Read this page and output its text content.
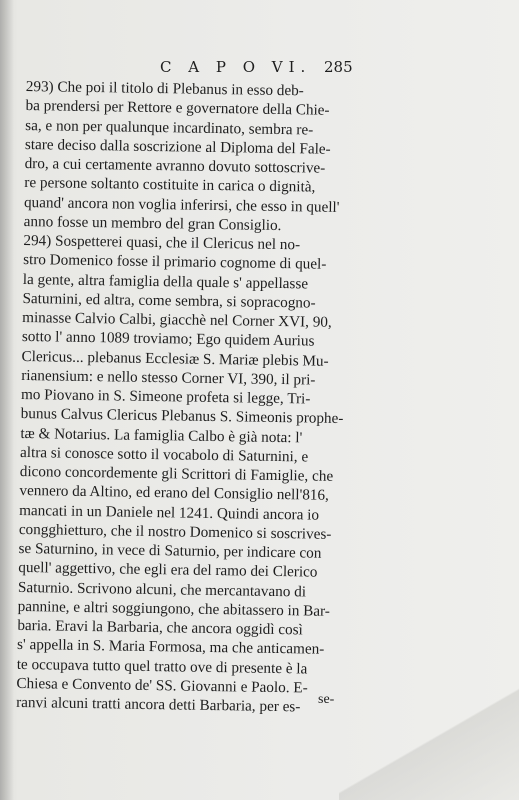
C A P O VI. 285
293) Che poi il titolo di Plebanus in esso deb-
ba prendersi per Rettore e governatore della Chie-
sa, e non per qualunque incardinato, sembra re-
stare deciso dalla soscrizione al Diploma del Fale-
dro, a cui certamente avranno dovuto sottoscrive-
re persone soltanto costituite in carica o dignità,
quand' ancora non voglia inferirsi, che esso in quell'
anno fosse un membro del gran Consiglio.
294) Sospetterei quasi, che il Clericus nel no-
stro Domenico fosse il primario cognome di quel-
la gente, altra famiglia della quale s' appellasse
Saturnini, ed altra, come sembra, si sopracogno-
minasse Calvio Calbi, giacchè nel Corner XVI, 90,
sotto l' anno 1089 troviamo; Ego quidem Aurius
Clericus... plebanus Ecclesiæ S. Mariæ plebis Mu-
rianensium: e nello stesso Corner VI, 390, il pri-
mo Piovano in S. Simeone profeta si legge, Tri-
bunus Calvus Clericus Plebanus S. Simeonis prophe-
tæ & Notarius. La famiglia Calbo è già nota: l'
altra si conosce sotto il vocabolo di Saturnini, e
dicono concordemente gli Scrittori di Famiglie, che
vennero da Altino, ed erano del Consiglio nell'816,
mancati in un Daniele nel 1241. Quindi ancora io
congghietturo, che il nostro Domenico si soscrives-
se Saturnino, in vece di Saturnio, per indicare con
quell' aggettivo, che egli era del ramo dei Clerico
Saturnio. Scrivono alcuni, che mercantavano di
pannine, e altri soggiungono, che abitassero in Bar-
baria. Eravi la Barbaria, che ancora oggidì così
s' appella in S. Maria Formosa, ma che anticamen-
te occupava tutto quel tratto ove di presente è la
Chiesa e Convento de' SS. Giovanni e Paolo. E-
ranvi alcuni tratti ancora detti Barbaria, per es-	se-
